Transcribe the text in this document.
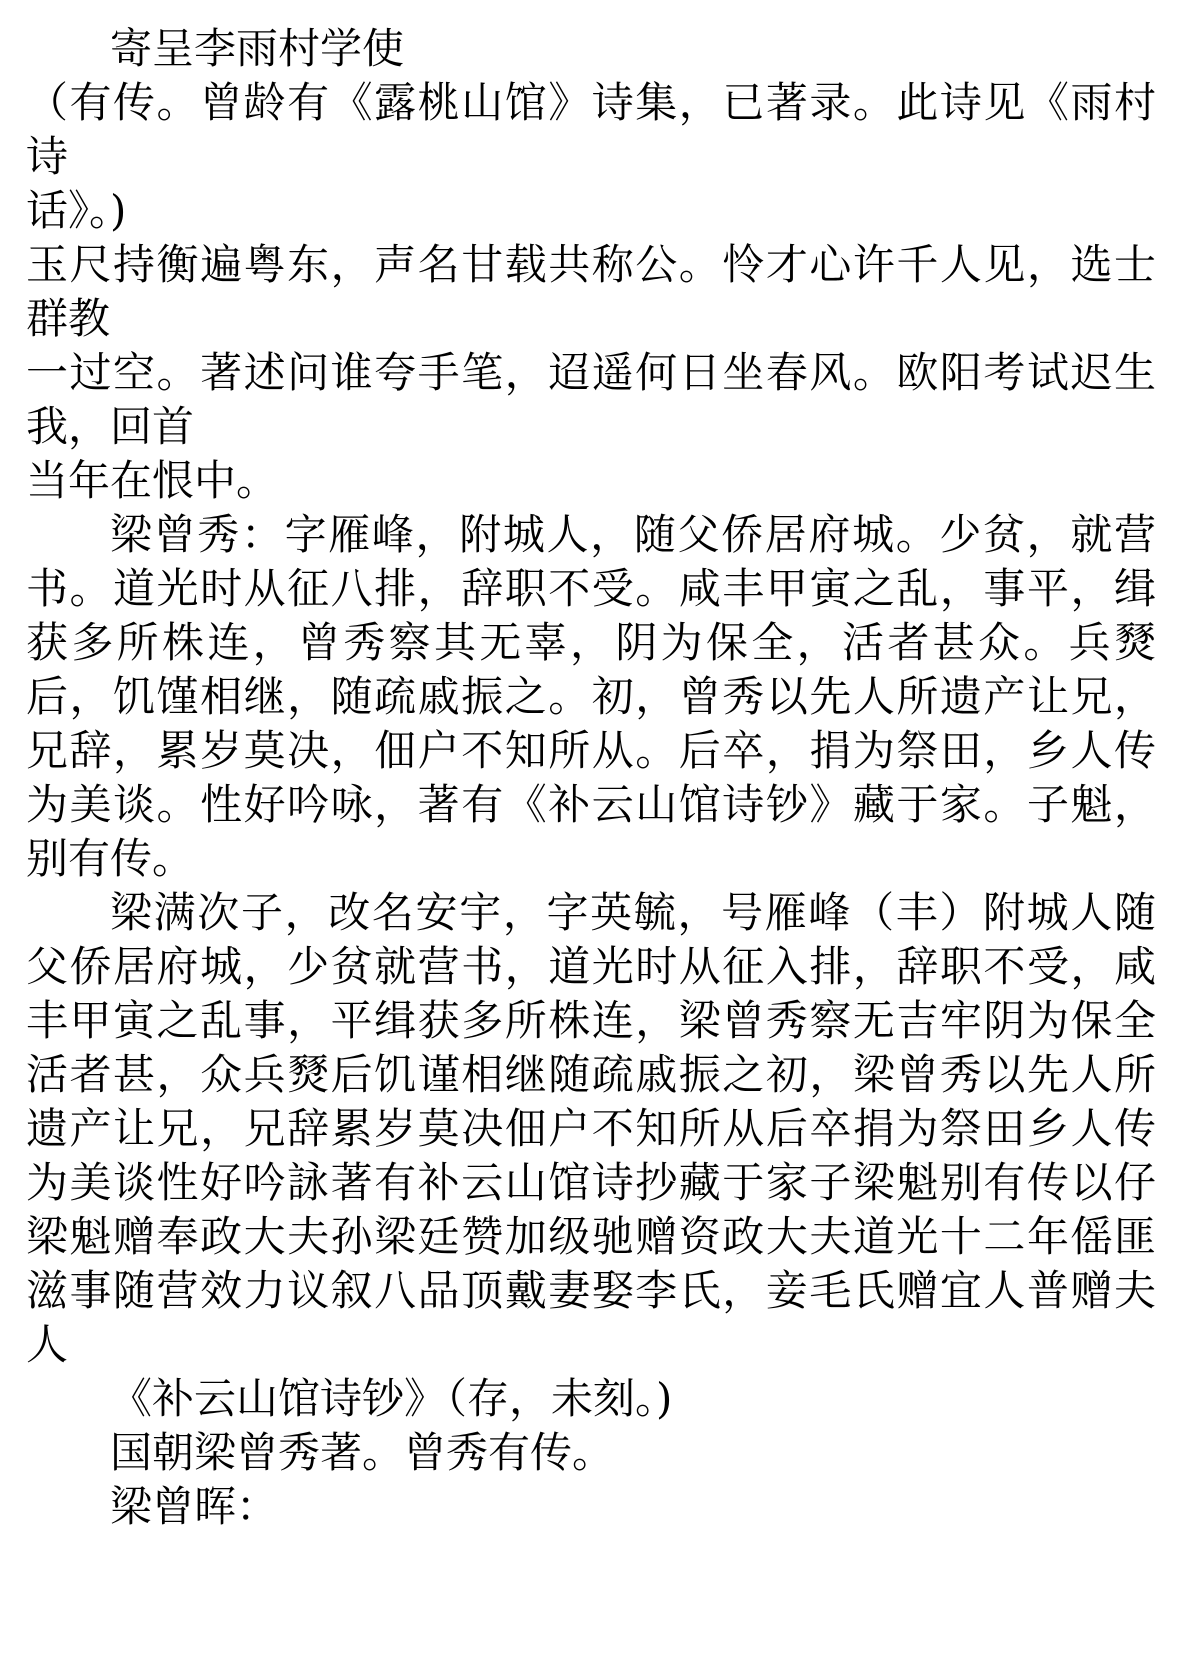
寄呈李雨村学使
（有传。曾龄有《露桃山馆》诗集，已著录。此诗见《雨村
诗
话》。)
玉尺持衡遍粤东，声名甘载共称公。怜才心许千人见，选士
群教
一过空。著述问谁夸手笔，迢遥何日坐春风。欧阳考试迟生
我，回首
当年在恨中。
梁曾秀：字雁峰，附城人，随父侨居府城。少贫，就营
书。道光时从征八排，辞职不受。咸丰甲寅之乱，事平，缉
获多所株连，曾秀察其无辜，阴为保全，活者甚众。兵燹
后，饥馑相继，随疏戚振之。初，曾秀以先人所遗产让兄，
兄辞，累岁莫决，佃户不知所从。后卒，捐为祭田，乡人传
为美谈。性好吟咏，著有《补云山馆诗钞》藏于家。子魁，
别有传。
梁满次子，改名安宇，字英毓，号雁峰（丰）附城人随
父侨居府城，少贫就营书，道光时从征入排，辞职不受，咸
丰甲寅之乱事，平缉获多所株连，梁曾秀察无吉牢阴为保全
活者甚，众兵燹后饥谨相继随疏戚振之初，梁曾秀以先人所
遗产让兄，兄辞累岁莫决佃户不知所从后卒捐为祭田乡人传
为美谈性好吟詠著有补云山馆诗抄藏于家子梁魁别有传以仔
梁魁赠奉政大夫孙梁廷赞加级驰赠资政大夫道光十二年傜匪
滋事随营效力议叙八品顶戴妻娶李氏，妾毛氏赠宜人普赠夫
人
《补云山馆诗钞》（存，未刻。)
国朝梁曾秀著。曾秀有传。
梁曾晖：
